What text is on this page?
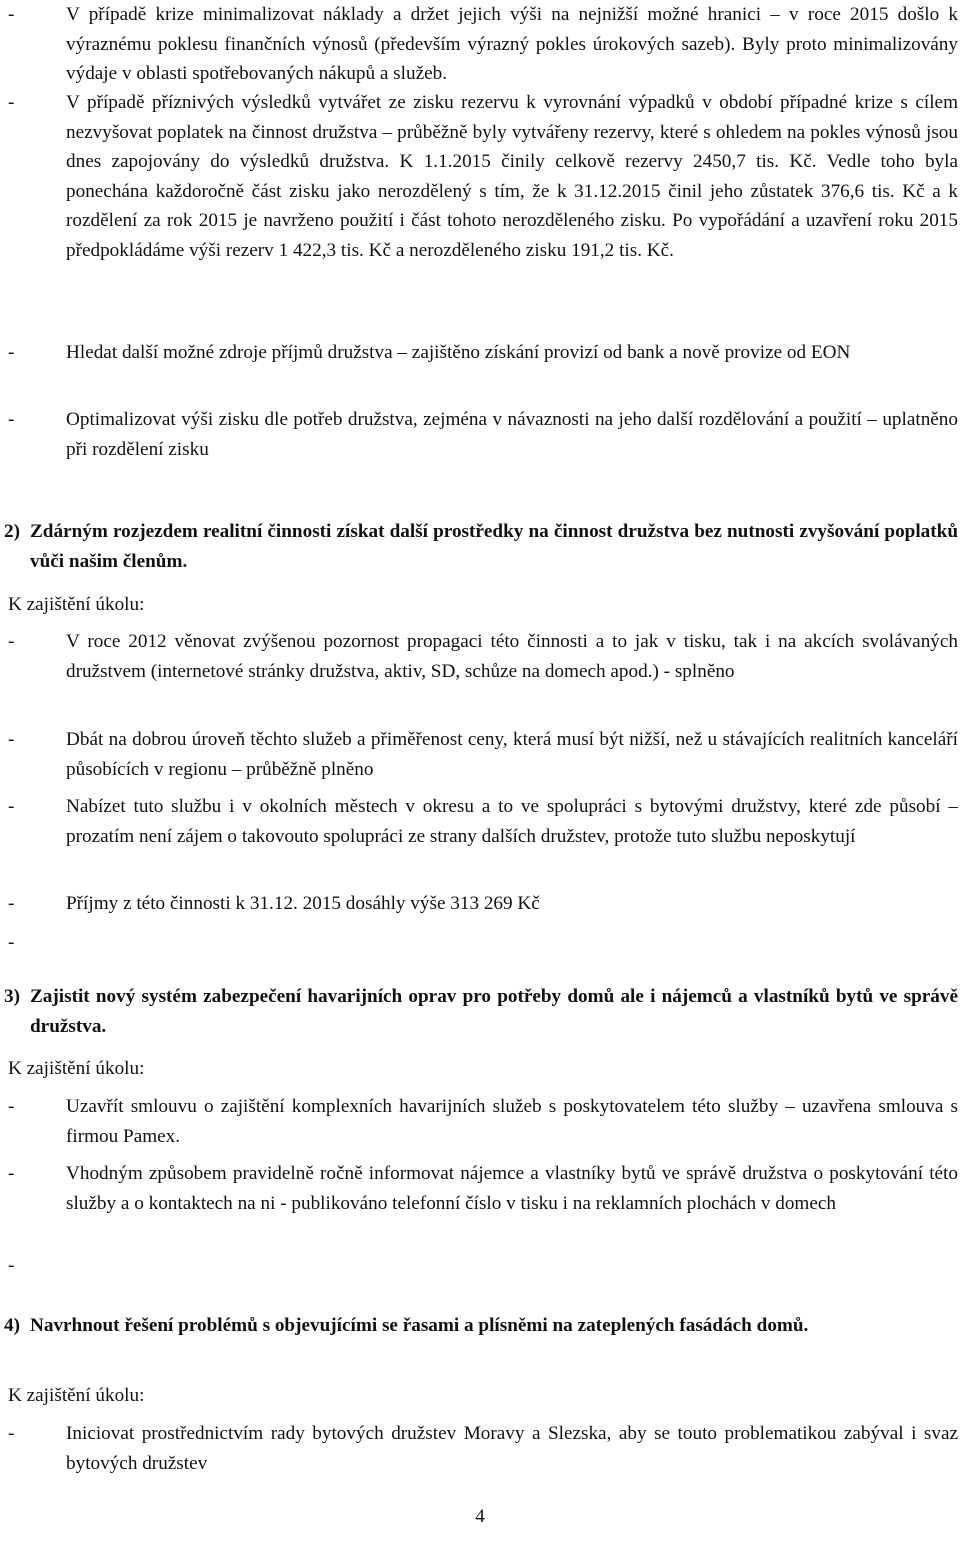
-	V případě krize minimalizovat náklady a držet jejich výši na nejnižší možné hranici – v roce 2015 došlo k výraznému poklesu finančních výnosů (především výrazný pokles úrokových sazeb). Byly proto minimalizovány výdaje v oblasti spotřebovaných nákupů a služeb.

-	V případě příznivých výsledků vytvářet ze zisku rezervu k vyrovnání výpadků v období případné krize s cílem nezvyšovat poplatek na činnost družstva – průběžně byly vytvářeny rezervy, které s ohledem na pokles výnosů jsou dnes zapojovány do výsledků družstva. K 1.1.2015 činily celkově rezervy 2450,7 tis. Kč. Vedle toho byla ponechána každoročně část zisku jako nerozdělený s tím, že k 31.12.2015 činil jeho zůstatek 376,6 tis. Kč a k rozdělení za rok 2015 je navrženo použití i část tohoto nerozděleného zisku. Po vypořádání a uzavření roku 2015 předpokládáme výši rezerv 1 422,3 tis. Kč a nerozděleného zisku 191,2 tis. Kč.

-	Hledat další možné zdroje příjmů družstva – zajištěno získání provizí od bank a nově provize od EON

-	Optimalizovat výši zisku dle potřeb družstva, zejména v návaznosti na jeho další rozdělování a použití – uplatněno při rozdělení zisku

2) Zdárným rozjezdem realitní činnosti získat další prostředky na činnost družstva bez nutnosti zvyšování poplatků vůči našim členům.

K zajištění úkolu:

-	V roce 2012 věnovat zvýšenou pozornost propagaci této činnosti a to jak v tisku, tak i na akcích svolávaných družstvem (internetové stránky družstva, aktiv, SD, schůze na domech apod.) - splněno

-	Dbát na dobrou úroveň těchto služeb a přiměřenost ceny, která musí být nižší, než u stávajících realitních kanceláří působících v regionu – průběžně plněno

-	Nabízet tuto službu i v okolních městech v okresu a to ve spolupráci s bytovými družstvy, které zde působí – prozatím není zájem o takovouto spolupráci ze strany dalších družstev, protože tuto službu neposkytují

-	Příjmy z této činnosti k 31.12. 2015 dosáhly výše 313 269 Kč

-

3) Zajistit nový systém zabezpečení havarijních oprav pro potřeby domů ale i nájemců a vlastníků bytů ve správě družstva.

K zajištění úkolu:

-	Uzavřít smlouvu o zajištění komplexních havarijních služeb s poskytovatelem této služby – uzavřena smlouva s firmou Pamex.

-	Vhodným způsobem pravidelně ročně informovat nájemce a vlastníky bytů ve správě družstva o poskytování této služby a o kontaktech na ni - publikováno telefonní číslo v tisku i na reklamních plochách v domech

-

4) Navrhnout řešení problémů s objevujícími se řasami a plísněmi na zateplených fasádách domů.

K zajištění úkolu:

-	Iniciovat prostřednictvím rady bytových družstev Moravy a Slezska, aby se touto problematikou zabýval i svaz bytových družstev

4
